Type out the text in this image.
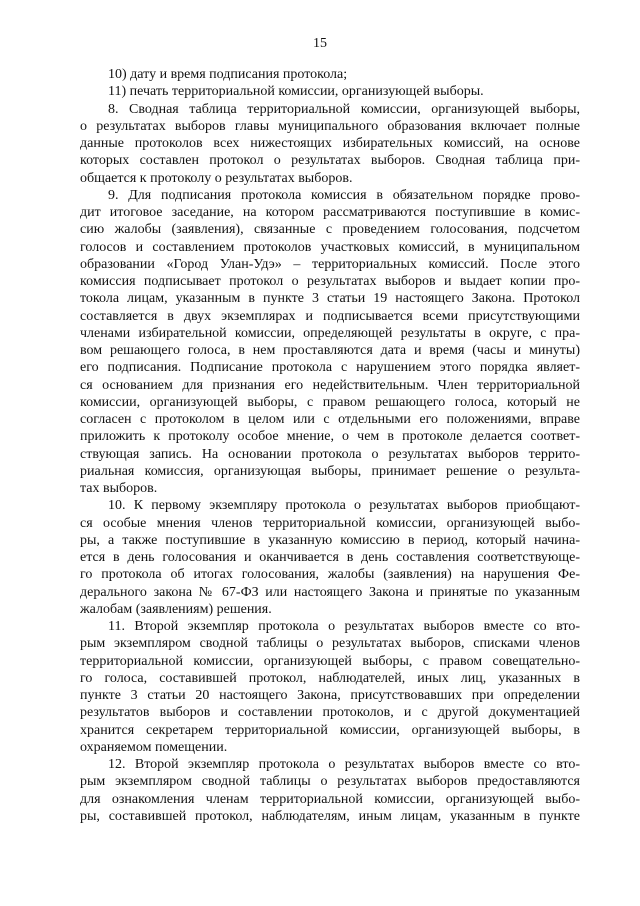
15
10) дату и время подписания протокола;
11) печать территориальной комиссии, организующей выборы.
8. Сводная таблица территориальной комиссии, организующей выборы,
о результатах выборов главы муниципального образования включает полные
данные протоколов всех нижестоящих избирательных комиссий, на основе
которых составлен протокол о результатах выборов. Сводная таблица при-
общается к протоколу о результатах выборов.
9. Для подписания протокола комиссия в обязательном порядке прово-
дит итоговое заседание, на котором рассматриваются поступившие в комис-
сию жалобы (заявления), связанные с проведением голосования, подсчетом
голосов и составлением протоколов участковых комиссий, в муниципальном
образовании «Город Улан-Удэ» – территориальных комиссий. После этого
комиссия подписывает протокол о результатах выборов и выдает копии про-
токола лицам, указанным в пункте 3 статьи 19 настоящего Закона. Протокол
составляется в двух экземплярах и подписывается всеми присутствующими
членами избирательной комиссии, определяющей результаты в округе, с пра-
вом решающего голоса, в нем проставляются дата и время (часы и минуты)
его подписания. Подписание протокола с нарушением этого порядка являет-
ся основанием для признания его недействительным. Член территориальной
комиссии, организующей выборы, с правом решающего голоса, который не
согласен с протоколом в целом или с отдельными его положениями, вправе
приложить к протоколу особое мнение, о чем в протоколе делается соответ-
ствующая запись. На основании протокола о результатах выборов террито-
риальная комиссия, организующая выборы, принимает решение о результа-
тах выборов.
10. К первому экземпляру протокола о результатах выборов приобщают-
ся особые мнения членов территориальной комиссии, организующей выбо-
ры, а также поступившие в указанную комиссию в период, который начина-
ется в день голосования и оканчивается в день составления соответствующе-
го протокола об итогах голосования, жалобы (заявления) на нарушения Фе-
дерального закона № 67-ФЗ или настоящего Закона и принятые по указанным
жалобам (заявлениям) решения.
11. Второй экземпляр протокола о результатах выборов вместе со вто-
рым экземпляром сводной таблицы о результатах выборов, списками членов
территориальной комиссии, организующей выборы, с правом совещательно-
го голоса, составившей протокол, наблюдателей, иных лиц, указанных в
пункте 3 статьи 20 настоящего Закона, присутствовавших при определении
результатов выборов и составлении протоколов, и с другой документацией
хранится секретарем территориальной комиссии, организующей выборы, в
охраняемом помещении.
12. Второй экземпляр протокола о результатах выборов вместе со вто-
рым экземпляром сводной таблицы о результатах выборов предоставляются
для ознакомления членам территориальной комиссии, организующей выбо-
ры, составившей протокол, наблюдателям, иным лицам, указанным в пункте
